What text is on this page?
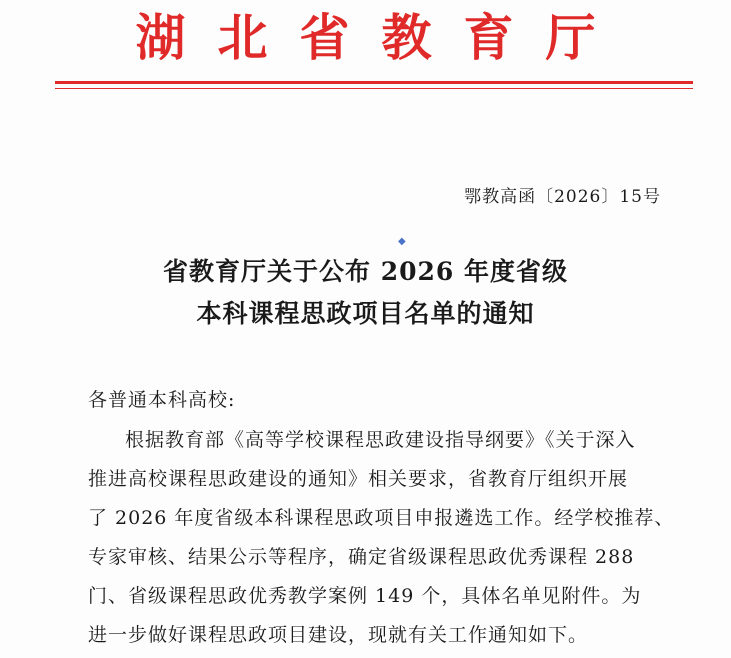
湖北省教育厅
鄂教高函〔2026〕15号
◆
省教育厅关于公布 2026 年度省级
本科课程思政项目名单的通知
各普通本科高校:
根据教育部《高等学校课程思政建设指导纲要》《关于深入
推进高校课程思政建设的通知》相关要求，省教育厅组织开展
了 2026 年度省级本科课程思政项目申报遴选工作。经学校推荐、
专家审核、结果公示等程序，确定省级课程思政优秀课程 288
门、省级课程思政优秀教学案例 149 个，具体名单见附件。为
进一步做好课程思政项目建设，现就有关工作通知如下。
